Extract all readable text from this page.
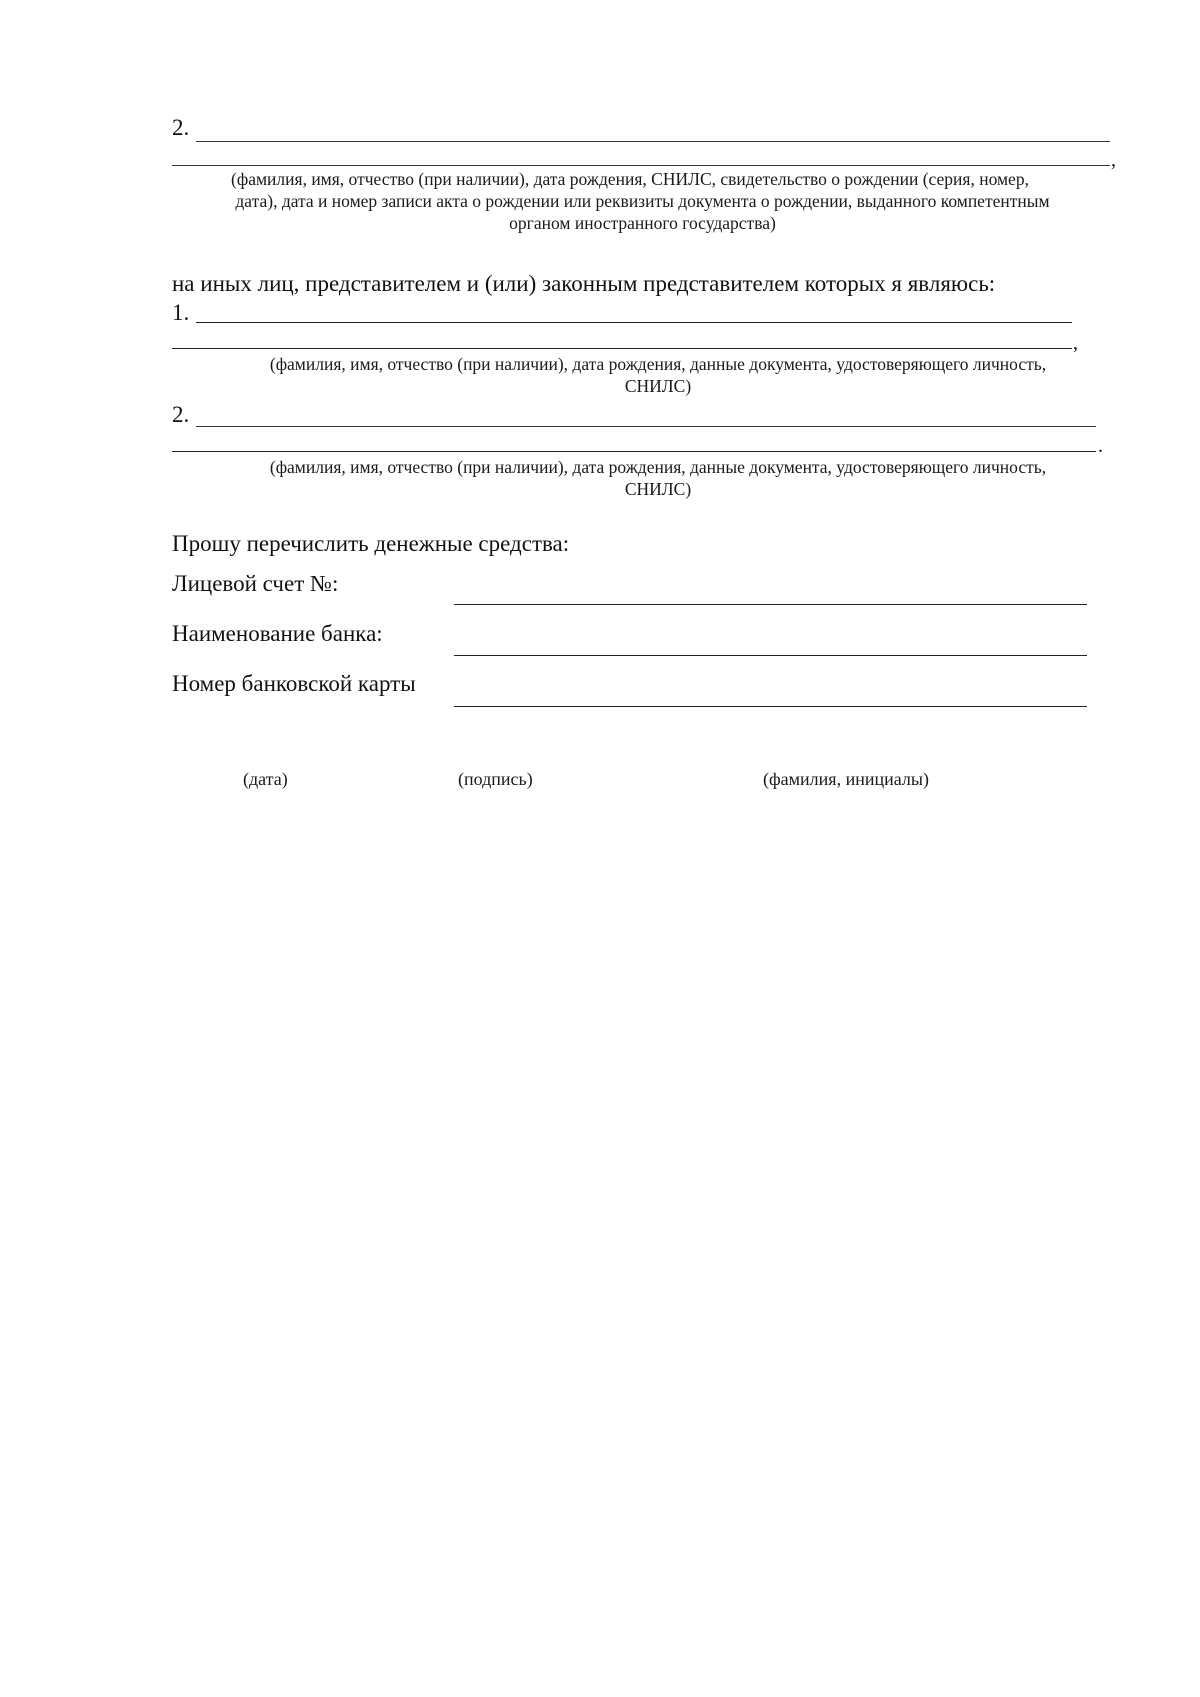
2.
,
(фамилия, имя, отчество (при наличии), дата рождения, СНИЛС, свидетельство о рождении (серия, номер,
дата), дата и номер записи акта о рождении или реквизиты документа о рождении, выданного компетентным
органом иностранного государства)
на иных лиц, представителем и (или) законным представителем которых я являюсь:
1.
,
(фамилия, имя, отчество (при наличии), дата рождения, данные документа, удостоверяющего личность,
СНИЛС)
2.
.
(фамилия, имя, отчество (при наличии), дата рождения, данные документа, удостоверяющего личность,
СНИЛС)
Прошу перечислить денежные средства:
Лицевой счет №:
Наименование банка:
Номер банковской карты
(дата)	(подпись)	(фамилия, инициалы)
